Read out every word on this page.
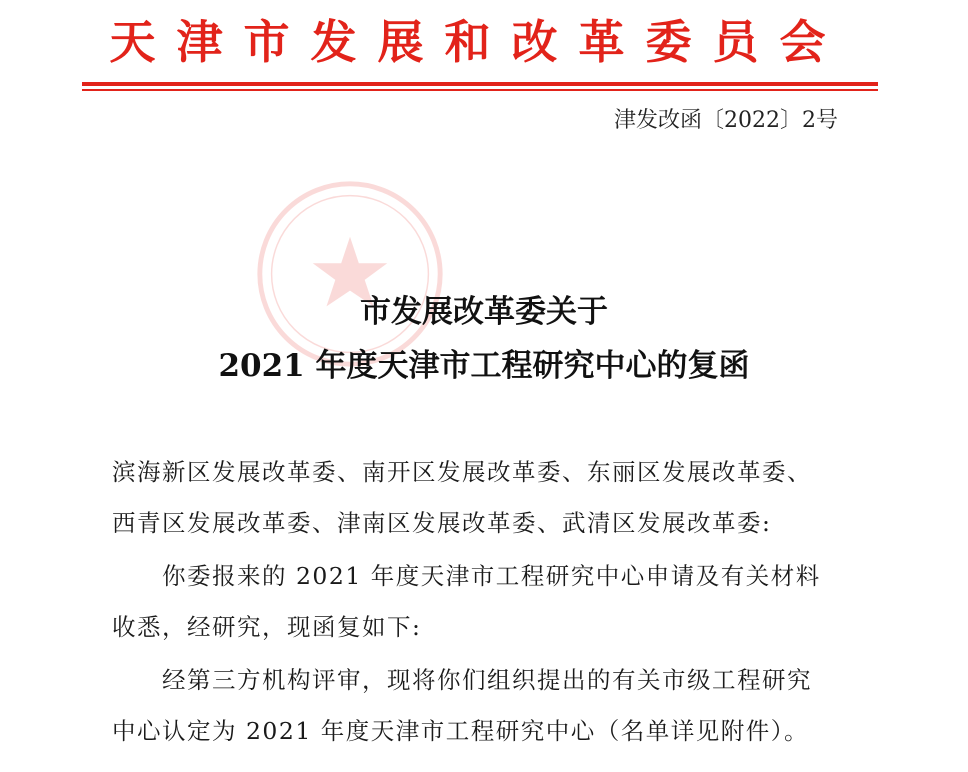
天津市发展和改革委员会
津发改函〔2022〕2号
市发展改革委关于
2021 年度天津市工程研究中心的复函
滨海新区发展改革委、南开区发展改革委、东丽区发展改革委、
西青区发展改革委、津南区发展改革委、武清区发展改革委:
你委报来的 2021 年度天津市工程研究中心申请及有关材料
收悉，经研究，现函复如下:
经第三方机构评审，现将你们组织提出的有关市级工程研究
中心认定为 2021 年度天津市工程研究中心（名单详见附件）。
